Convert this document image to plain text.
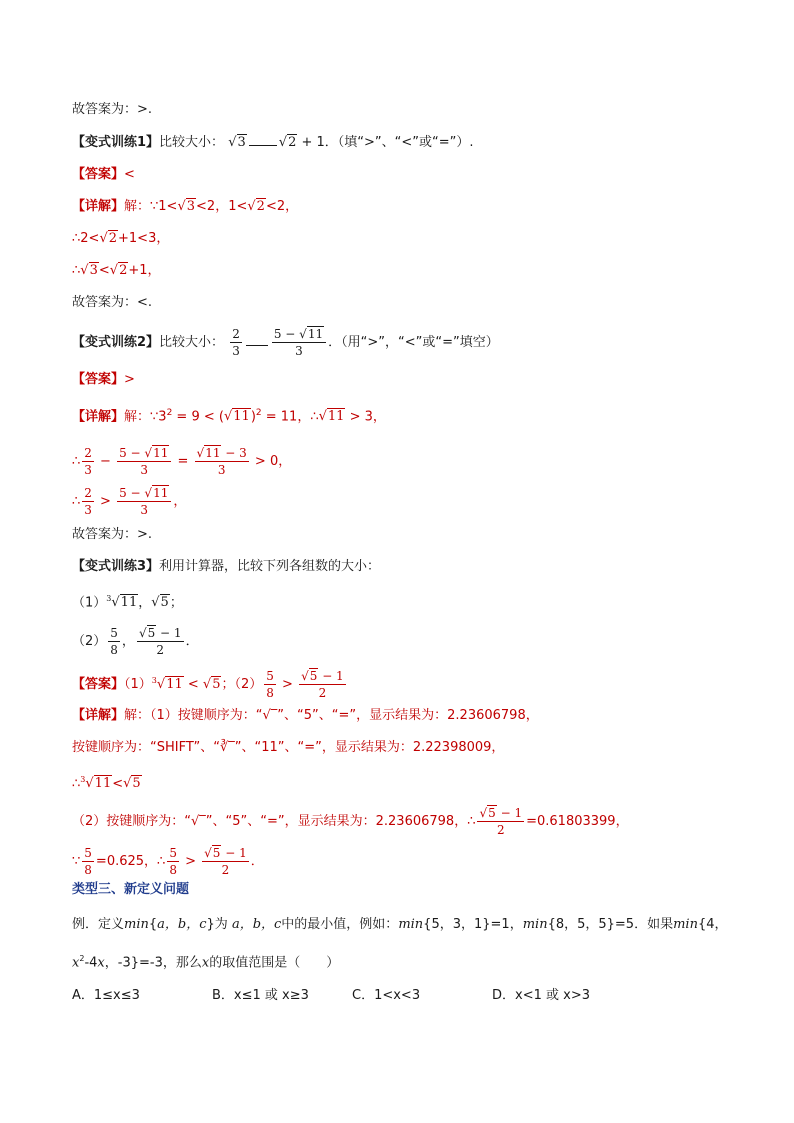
故答案为：>.
【变式训练1】比较大小： √3	√2 + 1．（填“>”、“<”或“=”）.
【答案】<
【详解】解：∵1<√3<2，1<√2<2，
∴2<√2+1<3，
∴√3<√2+1，
故答案为：<.
【变式训练2】比较大小： $\frac{2}{3}$	$\frac{5 - √11}{3}$ ．（用“>”，“<”或“=”填空）
【答案】>
【详解】解：$\because 3^2 = 9 < (√11)^2 = 11$，∴√11 > 3，
∴ $\frac{2}{3} - \frac{5 - √11}{3} = \frac{√11 - 3}{3} > 0$，
∴ $\frac{2}{3} > \frac{5 - √11}{3}$ ，
故答案为：>.
【变式训练3】利用计算器，比较下列各组数的大小：
$(1)^3√11$，√5；
$(2) \frac{5}{8}$ ， $\frac{√5 - 1}{2}$ ．
【答案】$(1)^3√11 < √5$；$(2) \frac{5}{8} > \frac{√5 - 1}{2}$
【详解】解：（1）按键顺序为：“√‾”、“5”、“=”，显示结果为：2.23606798，
按键顺序为：“SHIFT”、“∛‾”、“11”、“=”，显示结果为：2.22398009，
∴$^3$√11<√5
（2）按键顺序为：“√‾”、“5”、“=”，显示结果为：2.23606798，∴ $\frac{√5 - 1}{2} =0.61803399$，
∵ $\frac{5}{8} =0.625$，∴ $\frac{5}{8} > \frac{√5 - 1}{2}$ ．
类型三、新定义问题
例．定义min{a，b，c}为 a，b，c中的最小值，例如：min{5，3，1}=1，min{8，5，5}=5．如果min{4，
$x^2-4x$，-3}=-3，那么x的取值范围是（　　）
A．1≤x≤3	B．x≤1 或 x≥3	C．1<x<3	D．x<1 或 x>3
